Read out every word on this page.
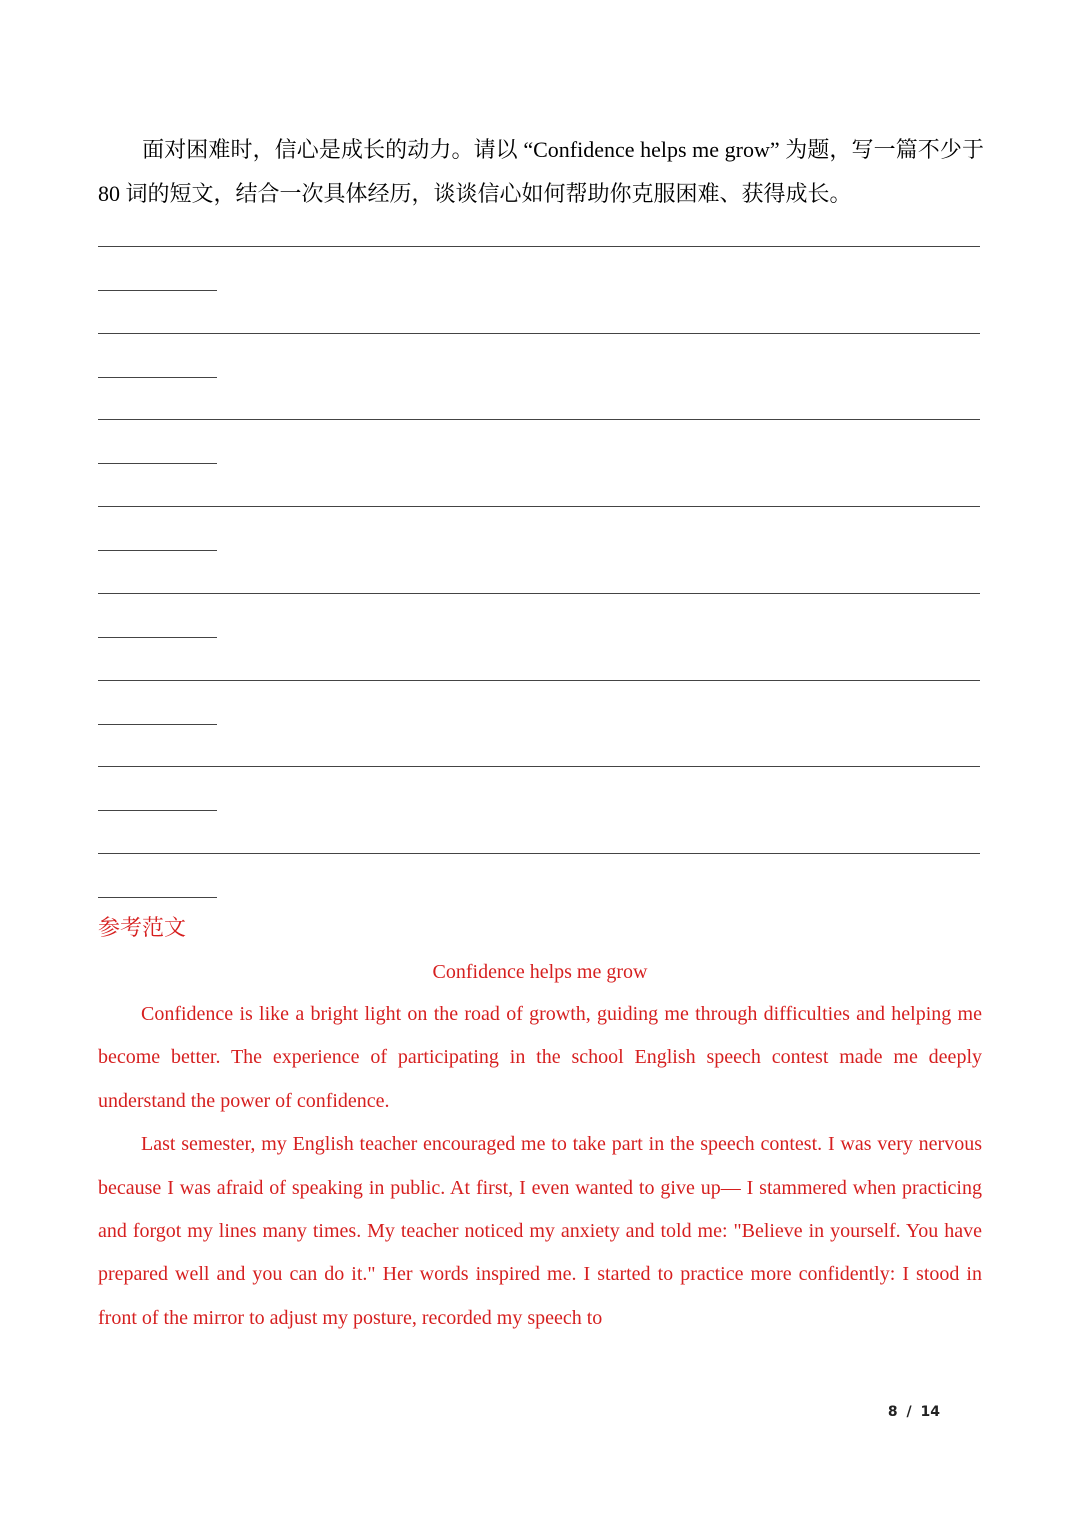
面对困难时，信心是成长的动力。请以 “Confidence helps me grow” 为题，写一篇不少于80 词的短文，结合一次具体经历，谈谈信心如何帮助你克服困难、获得成长。
参考范文
Confidence helps me grow

Confidence is like a bright light on the road of growth, guiding me through difficulties and helping me become better. The experience of participating in the school English speech contest made me deeply understand the power of confidence.

Last semester, my English teacher encouraged me to take part in the speech contest. I was very nervous because I was afraid of speaking in public. At first, I even wanted to give up— I stammered when practicing and forgot my lines many times. My teacher noticed my anxiety and told me: "Believe in yourself. You have prepared well and you can do it." Her words inspired me. I started to practice more confidently: I stood in front of the mirror to adjust my posture, recorded my speech to

8 / 14
